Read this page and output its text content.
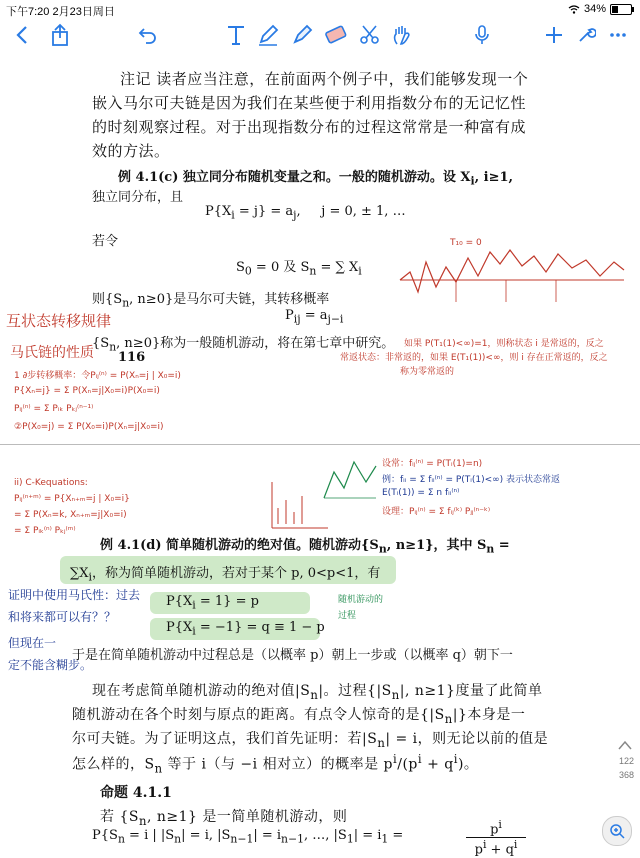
下午7:20 2月23日周日	34%
注记 读者应当注意，在前面两个例子中，我们能够发现一个
嵌入马尔可夫链是因为我们在某些便于利用指数分布的无记忆性
的时刻观察过程。对于出现指数分布的过程这常常是一种富有成
效的方法。
例 4.1(c) 独立同分布随机变量之和。一般的随机游动。设 $X_i$, i≥1,
独立同分布，且
$P\{X_i = j\} = a_j$,     j = 0, ± 1, …
若令
$S_0 = 0$ 及 $S_n$ = ∑ $X_i$
T₁₀ = 0
则{$S_n$, n≥0}是马尔可夫链，其转移概率
$P_{ij} = a_{j-i}$
互状态转移规律
{$S_n$, n≥0}称为一般随机游动，将在第七章中研究。
马氏链的性质 116
如果 P(T₁(1)<∞)=1，则称状态 i 是常返的，反之
常返状态：非常返的，如果 E(T₁(1))<∞，则 i 存在正常返的，反之
称为零常返的
1 ∂步转移概率：令Pᵢⱼ⁽ⁿ⁾ = P(Xₙ=j | X₀=i)
P{Xₙ=j} = Σ P(Xₙ=j|X₀=i)P(X₀=i)
Pᵢⱼ⁽ⁿ⁾ = Σ Pᵢₖ Pₖⱼ⁽ⁿ⁻¹⁾
②P(X₀=j) = Σ P(X₀=i)P(Xₙ=j|X₀=i)
ii) C-Kequations:
Pᵢⱼ⁽ⁿ⁺ᵐ⁾ = P{Xₙ₊ₘ=j | X₀=i}
= Σ P(Xₙ=k, Xₙ₊ₘ=j|X₀=i)
= Σ Pᵢₖ⁽ⁿ⁾ Pₖⱼ⁽ᵐ⁾
设常：fᵢⱼ⁽ⁿ⁾ = P(Tᵢ(1)=n)
例：fᵢᵢ = Σ fᵢᵢ⁽ⁿ⁾ = P(Tᵢ(1)<∞) 表示状态常返
E(Tᵢ(1)) = Σ n fᵢᵢ⁽ⁿ⁾
设理：Pᵢⱼ⁽ⁿ⁾ = Σ fᵢⱼ⁽ᵏ⁾ Pⱼⱼ⁽ⁿ⁻ᵏ⁾
例 4.1(d) 简单随机游动的绝对值。随机游动{$S_n$, n≥1}，其中 $S_n$ =
$\sum X_i$，称为简单随机游动，若对于某个 p, 0<p<1，有
$P\{X_i = 1\} = p$
$P\{X_i = -1\} = q \equiv 1 - p$
证明中使用马氏性：过去
和将来都可以有？？
但现在一
定不能含糊步。
随机游动的
过程
于是在简单随机游动中过程总是（以概率 p）朝上一步或（以概率 q）朝下一
现在考虑简单随机游动的绝对值$|S_n|$。过程{$|S_n|$, n≥1}度量了此简单
随机游动在各个时刻与原点的距离。有点令人惊奇的是$\{|S_n|\}$本身是一
尔可夫链。为了证明这点，我们首先证明：若$|S_n| = i$，则无论以前的值是
怎么样的，$S_n$ 等于 i（与 −i 相对立）的概率是 $p^i/(p^i + q^i)$。
命题 4.1.1
若 {$S_n$, n≥1} 是一简单随机游动，则
$P\{S_n = i$ | $|S_n| = i$, $|S_{n-1}| = i_{n-1}$, …, $|S_1| = i_1$ =	$p^i$
$p^i + q^i$
122
368
